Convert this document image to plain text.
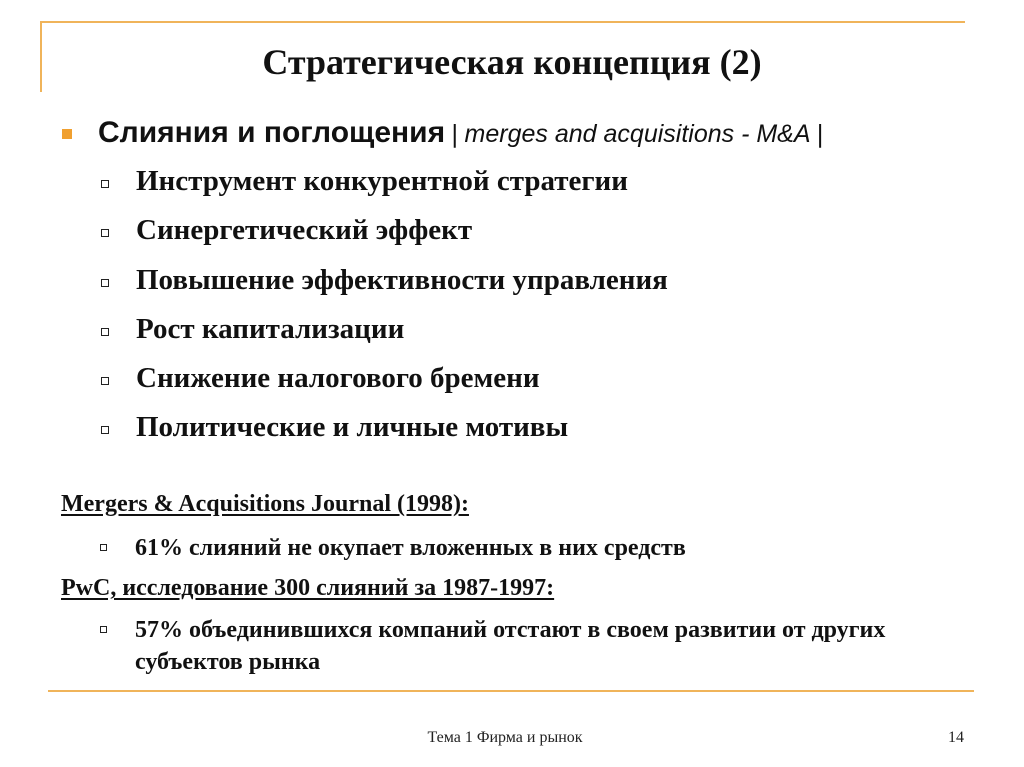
Стратегическая концепция (2)
Слияния и поглощения | merges and acquisitions - M&A |
Инструмент конкурентной стратегии
Синергетический эффект
Повышение эффективности управления
Рост капитализации
Снижение налогового бремени
Политические и личные мотивы
Mergers & Acquisitions Journal (1998):
61% слияний не окупает вложенных в них средств
PwC, исследование 300 слияний за 1987-1997:
57% объединившихся компаний отстают в своем развитии от других субъектов рынка
Тема 1 Фирма и рынок	14
